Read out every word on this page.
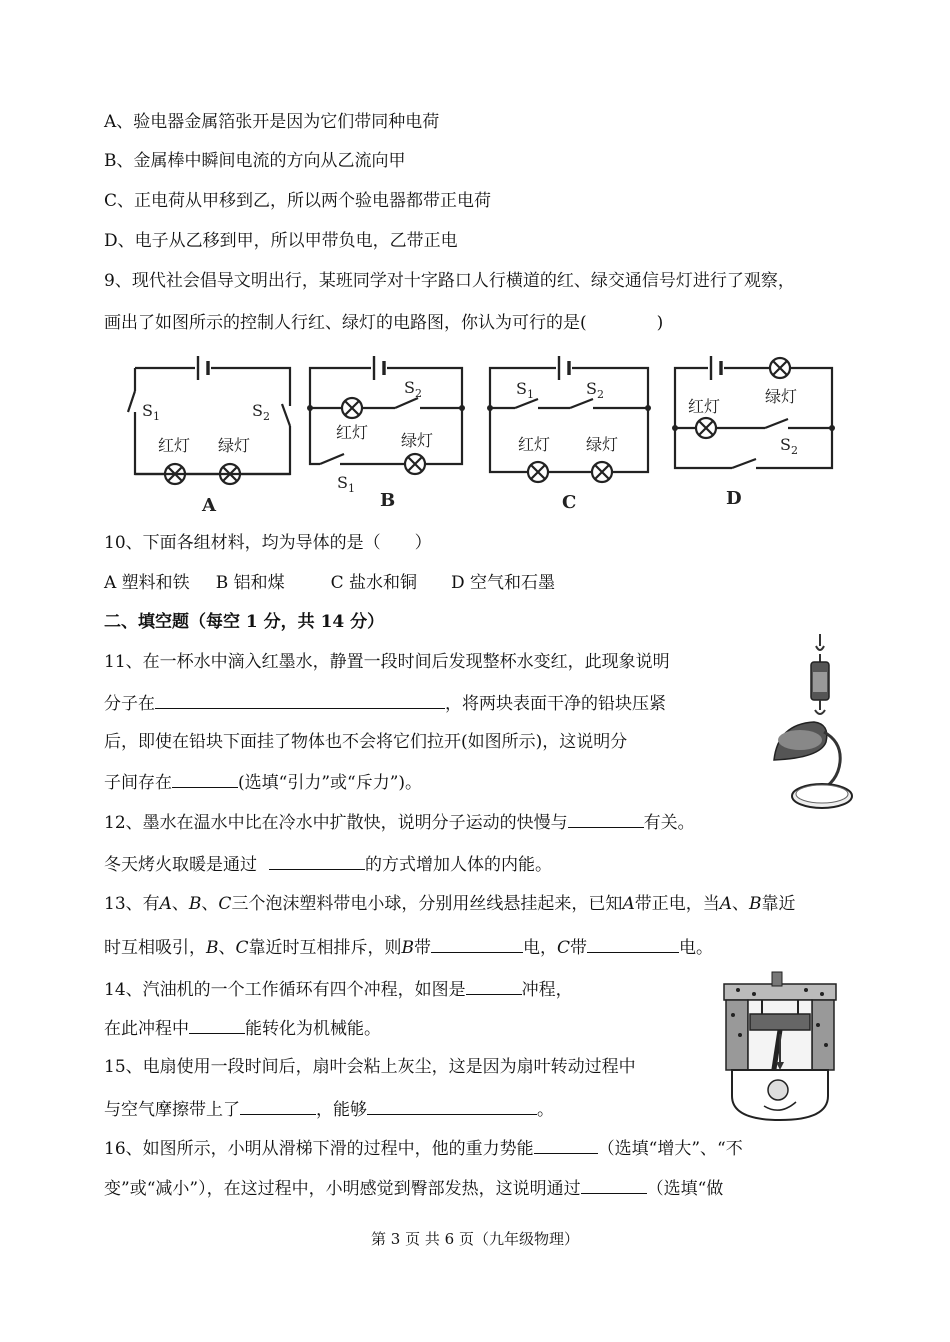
A、验电器金属箔张开是因为它们带同种电荷
B、金属棒中瞬间电流的方向从乙流向甲
C、正电荷从甲移到乙，所以两个验电器都带正电荷
D、电子从乙移到甲，所以甲带负电，乙带正电
9、现代社会倡导文明出行，某班同学对十字路口人行横道的红、绿交通信号灯进行了观察，
画出了如图所示的控制人行红、绿灯的电路图，你认为可行的是(	)
S 1	S 2
红灯 绿灯
A
S 2
红灯 绿灯
S 1
B
S 1	S 2
红灯 绿灯
C
绿灯
红灯
S 2
D
10、下面各组材料，均为导体的是（　　）
A 塑料和铁 B 铝和煤	C 盐水和铜 D 空气和石墨
二、填空题（每空 1 分，共 14 分）
11、在一杯水中滴入红墨水，静置一段时间后发现整杯水变红，此现象说明
分子在	，将两块表面干净的铅块压紧
后，即使在铅块下面挂了物体也不会将它们拉开(如图所示)，这说明分
子间存在	(选填“引力”或“斥力”)。
12、墨水在温水中比在冷水中扩散快，说明分子运动的快慢与	有关。
冬天烤火取暖是通过	的方式增加人体的内能。
13、有A、B、C三个泡沫塑料带电小球，分别用丝线悬挂起来，已知A带正电，当A、B靠近
时互相吸引，B、C靠近时互相排斥，则B带	电，C带	电。
14、汽油机的一个工作循环有四个冲程，如图是	冲程，
在此冲程中	能转化为机械能。
15、电扇使用一段时间后，扇叶会粘上灰尘，这是因为扇叶转动过程中
与空气摩擦带上了	，能够	。
16、如图所示，小明从滑梯下滑的过程中，他的重力势能	（选填“增大”、“不
变”或“减小”），在这过程中，小明感觉到臀部发热，这说明通过	（选填“做
第 3 页 共 6 页（九年级物理）
